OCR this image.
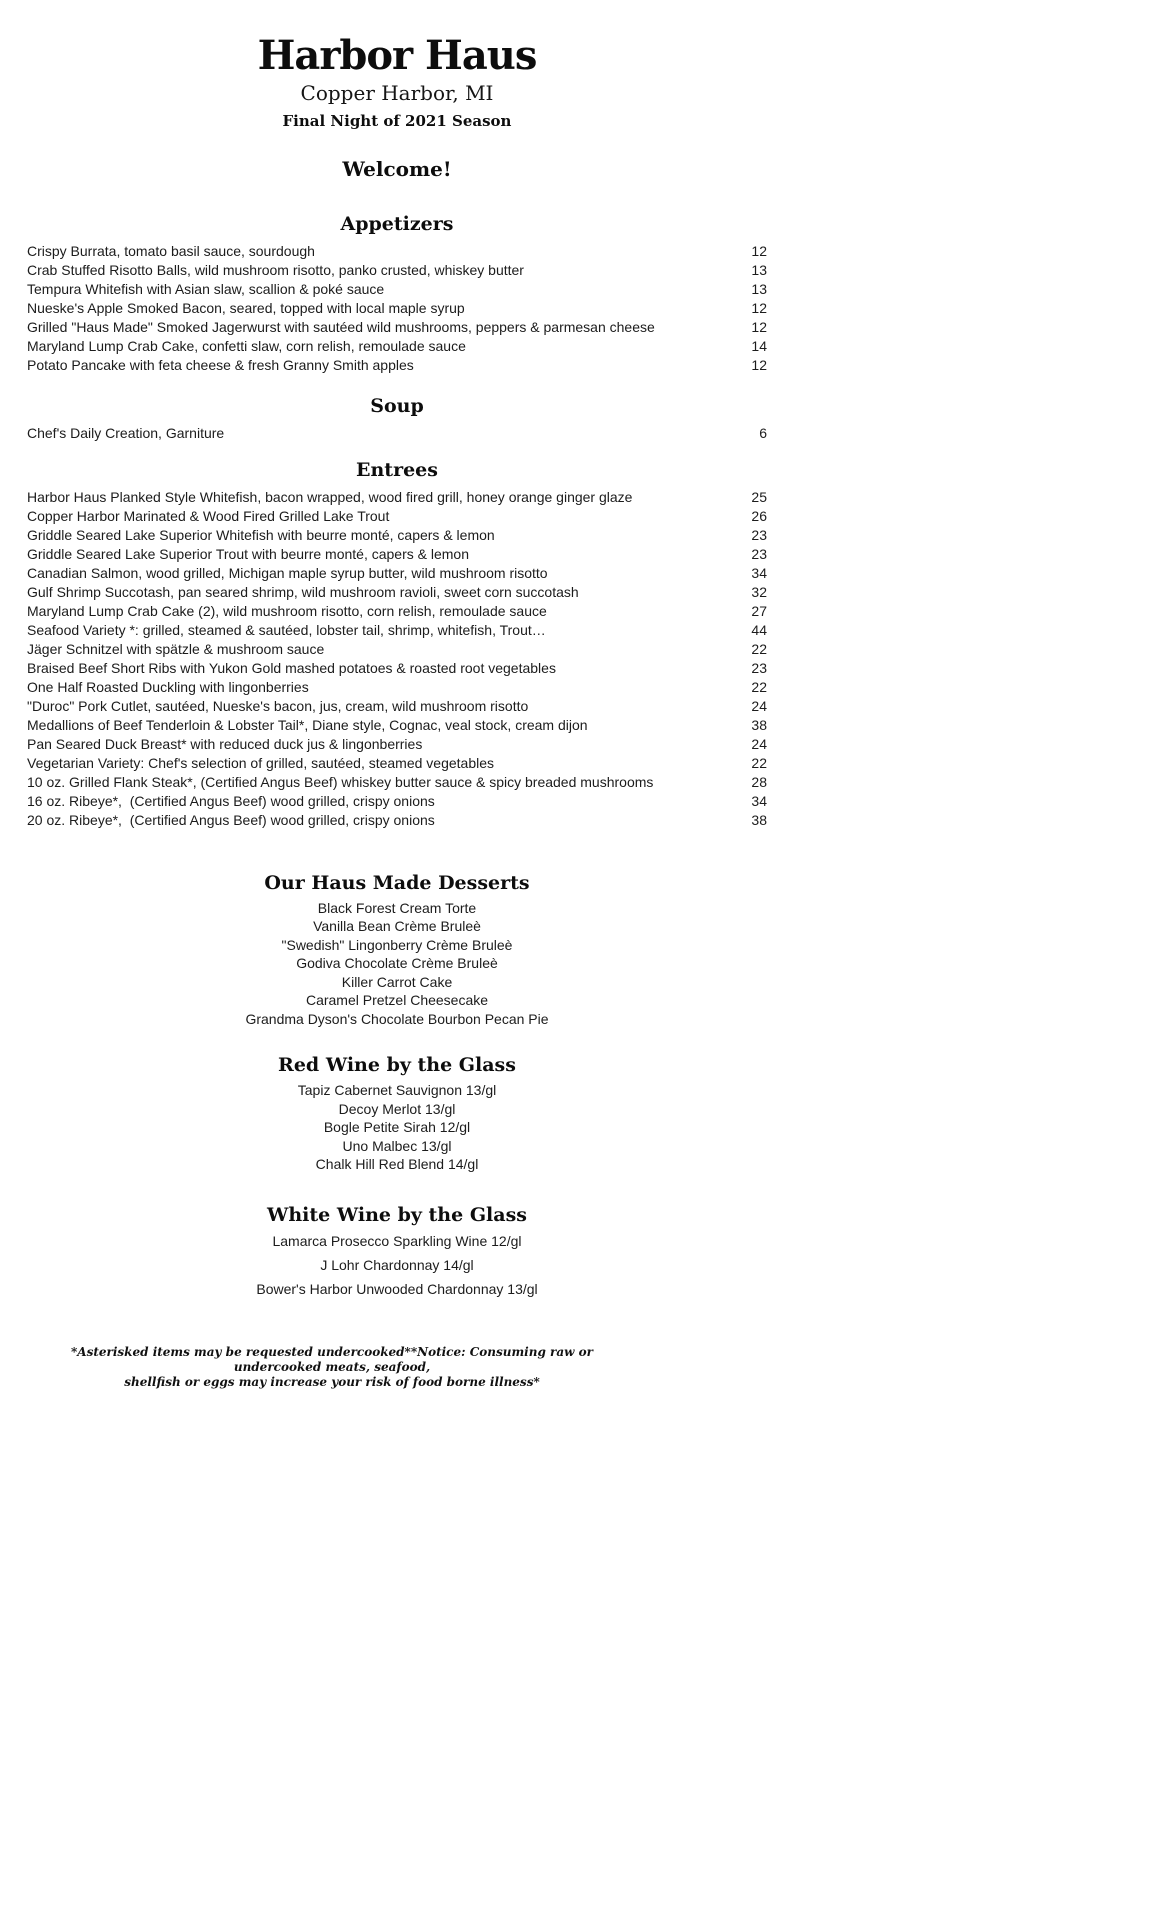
Harbor Haus
Copper Harbor, MI
Final Night of 2021 Season
Welcome!
Appetizers
Crispy Burrata, tomato basil sauce, sourdough	12
Crab Stuffed Risotto Balls, wild mushroom risotto, panko crusted, whiskey butter	13
Tempura Whitefish with Asian slaw, scallion & poké sauce	13
Nueske's Apple Smoked Bacon, seared, topped with local maple syrup	12
Grilled "Haus Made" Smoked Jagerwurst with sautéed wild mushrooms, peppers & parmesan cheese	12
Maryland Lump Crab Cake, confetti slaw, corn relish, remoulade sauce	14
Potato Pancake with feta cheese & fresh Granny Smith apples	12
Soup
Chef's Daily Creation, Garniture	6
Entrees
Harbor Haus Planked Style Whitefish, bacon wrapped, wood fired grill, honey orange ginger glaze	25
Copper Harbor Marinated & Wood Fired Grilled Lake Trout	26
Griddle Seared Lake Superior Whitefish with beurre monté, capers & lemon	23
Griddle Seared Lake Superior Trout with beurre monté, capers & lemon	23
Canadian Salmon, wood grilled, Michigan maple syrup butter, wild mushroom risotto	34
Gulf Shrimp Succotash, pan seared shrimp, wild mushroom ravioli, sweet corn succotash	32
Maryland Lump Crab Cake (2), wild mushroom risotto, corn relish, remoulade sauce	27
Seafood Variety *: grilled, steamed & sautéed, lobster tail, shrimp, whitefish, Trout…	44
Jäger Schnitzel with spätzle & mushroom sauce	22
Braised Beef Short Ribs with Yukon Gold mashed potatoes & roasted root vegetables	23
One Half Roasted Duckling with lingonberries	22
"Duroc" Pork Cutlet, sautéed, Nueske's bacon, jus, cream, wild mushroom risotto	24
Medallions of Beef Tenderloin & Lobster Tail*, Diane style, Cognac, veal stock, cream dijon	38
Pan Seared Duck Breast* with reduced duck jus & lingonberries	24
Vegetarian Variety: Chef's selection of grilled, sautéed, steamed vegetables	22
10 oz. Grilled Flank Steak*, (Certified Angus Beef) whiskey butter sauce & spicy breaded mushrooms	28
16 oz. Ribeye*,  (Certified Angus Beef) wood grilled, crispy onions	34
20 oz. Ribeye*,  (Certified Angus Beef) wood grilled, crispy onions	38
Our Haus Made Desserts
Black Forest Cream Torte
Vanilla Bean Crème Bruleè
"Swedish" Lingonberry Crème Bruleè
Godiva Chocolate Crème Bruleè
Killer Carrot Cake
Caramel Pretzel Cheesecake
Grandma Dyson's Chocolate Bourbon Pecan Pie
Red Wine by the Glass
Tapiz Cabernet Sauvignon 13/gl
Decoy Merlot 13/gl
Bogle Petite Sirah 12/gl
Uno Malbec 13/gl
Chalk Hill Red Blend 14/gl
White Wine by the Glass
Lamarca Prosecco Sparkling Wine 12/gl
J Lohr Chardonnay 14/gl
Bower's Harbor Unwooded Chardonnay 13/gl
*Asterisked items may be requested undercooked**Notice: Consuming raw or undercooked meats, seafood,
shellfish or eggs may increase your risk of food borne illness*
